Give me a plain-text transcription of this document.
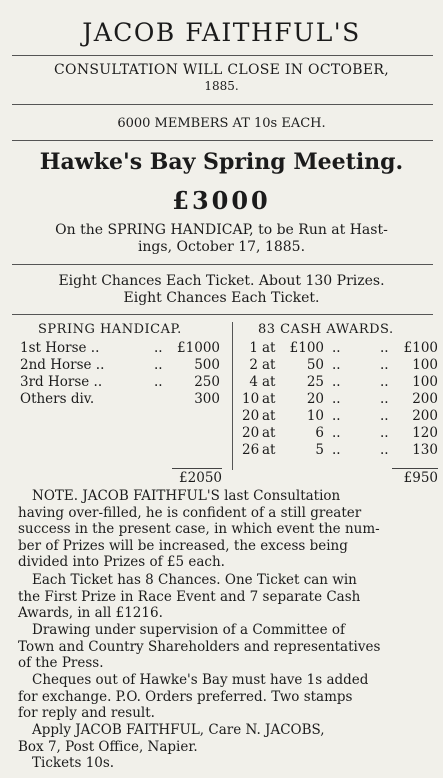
JACOB FAITHFUL'S
CONSULTATION WILL CLOSE IN OCTOBER,
1885.
6000 MEMBERS AT 10s EACH.
Hawke's Bay Spring Meeting.
£3000
On the SPRING HANDICAP, to be Run at Hast-
ings, October 17, 1885.
Eight Chances Each Ticket. About 130 Prizes.
Eight Chances Each Ticket.
SPRING HANDICAP.
1st Horse ..	.. £1000
2nd Horse ..	.. 500
3rd Horse ..	.. 250
Others div.	300
£2050
83 CASH AWARDS.
1 at	£100 ..	.. £100
2 at	50 ..	.. 100
4 at	25 ..	.. 100
10 at	20 ..	.. 200
20 at	10 ..	.. 200
20 at	6 ..	.. 120
26 at	5 ..	.. 130
£950
NOTE. JACOB FAITHFUL'S last Consultation
having over-filled, he is confident of a still greater
success in the present case, in which event the num-
ber of Prizes will be increased, the excess being
divided into Prizes of £5 each.
Each Ticket has 8 Chances. One Ticket can win
the First Prize in Race Event and 7 separate Cash
Awards, in all £1216.
Drawing under supervision of a Committee of
Town and Country Shareholders and representatives
of the Press.
Cheques out of Hawke's Bay must have 1s added
for exchange. P.O. Orders preferred. Two stamps
for reply and result.
Apply JACOB FAITHFUL, Care N. JACOBS,
Box 7, Post Office, Napier.
Tickets 10s.
